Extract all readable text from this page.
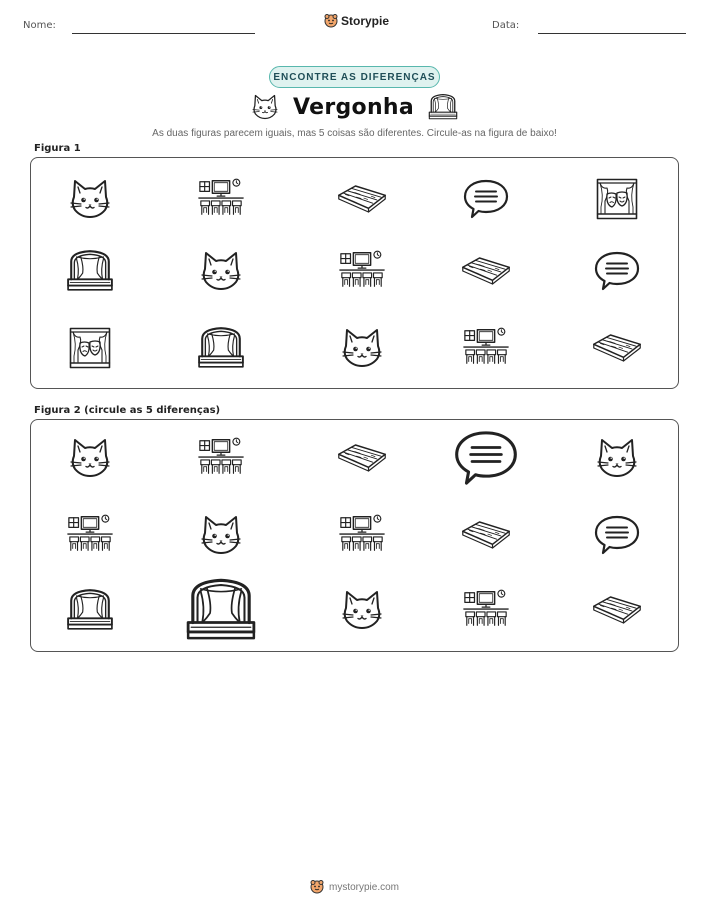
Nome:	Storypie	Data:
ENCONTRE AS DIFERENÇAS
Vergonha
As duas figuras parecem iguais, mas 5 coisas são diferentes. Circule-as na figura de baixo!
Figura 1
Figura 2 (circule as 5 diferenças)
mystorypie.com
